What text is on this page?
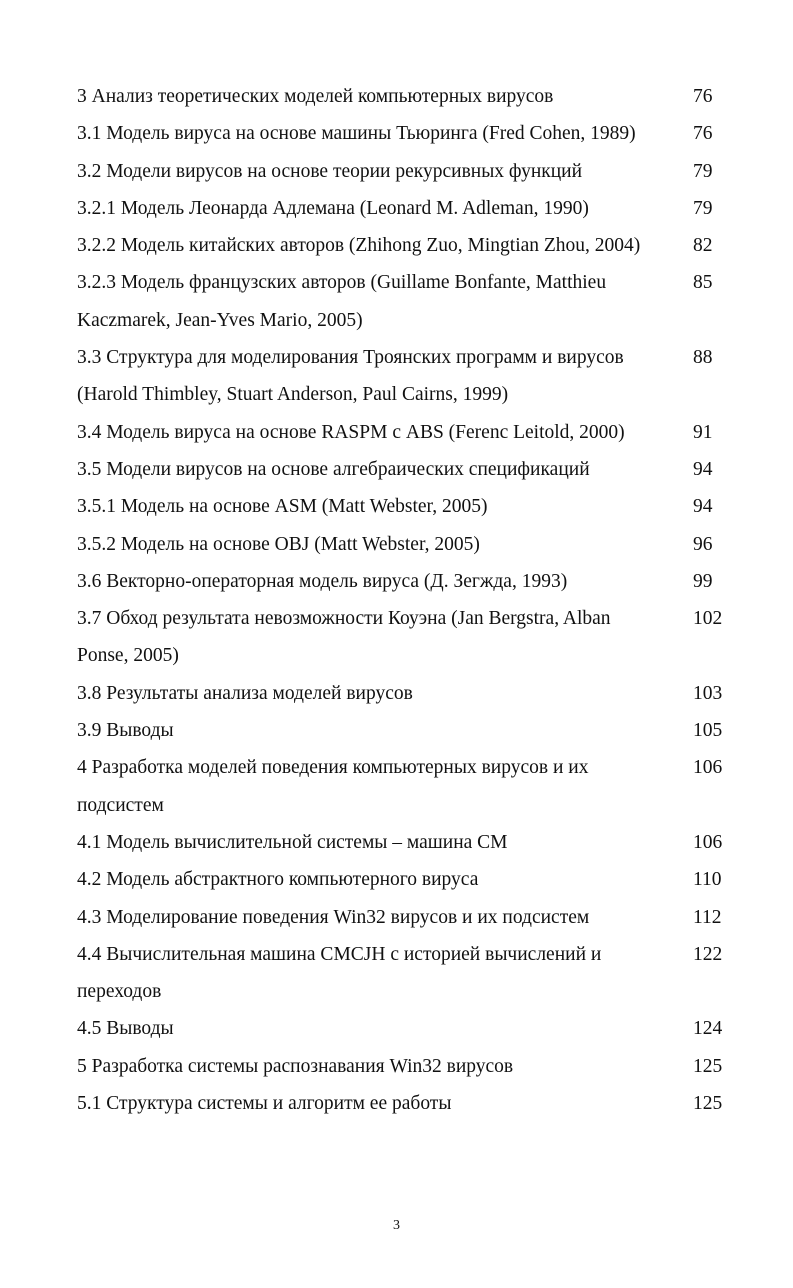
3 Анализ теоретических моделей компьютерных вирусов	76
3.1 Модель вируса на основе машины Тьюринга (Fred Cohen, 1989)	76
3.2 Модели вирусов на основе теории рекурсивных функций	79
3.2.1 Модель Леонарда Адлемана (Leonard M. Adleman, 1990)	79
3.2.2 Модель китайских авторов (Zhihong Zuo, Mingtian Zhou, 2004)	82
3.2.3 Модель французских авторов (Guillame Bonfante, Matthieu	85
Kaczmarek, Jean-Yves Mario, 2005)
3.3 Структура для моделирования Троянских программ и вирусов	88
(Harold Thimbley, Stuart Anderson, Paul Cairns, 1999)
3.4 Модель вируса на основе RASPM с ABS (Ferenc Leitold, 2000)	91
3.5 Модели вирусов на основе алгебраических спецификаций	94
3.5.1 Модель на основе ASM (Matt Webster, 2005)	94
3.5.2 Модель на основе OBJ (Matt Webster, 2005)	96
3.6 Векторно-операторная модель вируса (Д. Зегжда, 1993)	99
3.7 Обход результата невозможности Коуэна (Jan Bergstra, Alban	102
Ponse, 2005)
3.8 Результаты анализа моделей вирусов	103
3.9 Выводы	105
4 Разработка моделей поведения компьютерных вирусов и их	106
подсистем
4.1 Модель вычислительной системы – машина CM	106
4.2 Модель абстрактного компьютерного вируса	110
4.3 Моделирование поведения Win32 вирусов и их подсистем	112
4.4 Вычислительная машина CMCJH с историей вычислений и	122
переходов
4.5 Выводы	124
5 Разработка системы распознавания Win32 вирусов	125
5.1 Структура системы и алгоритм ее работы	125
3
